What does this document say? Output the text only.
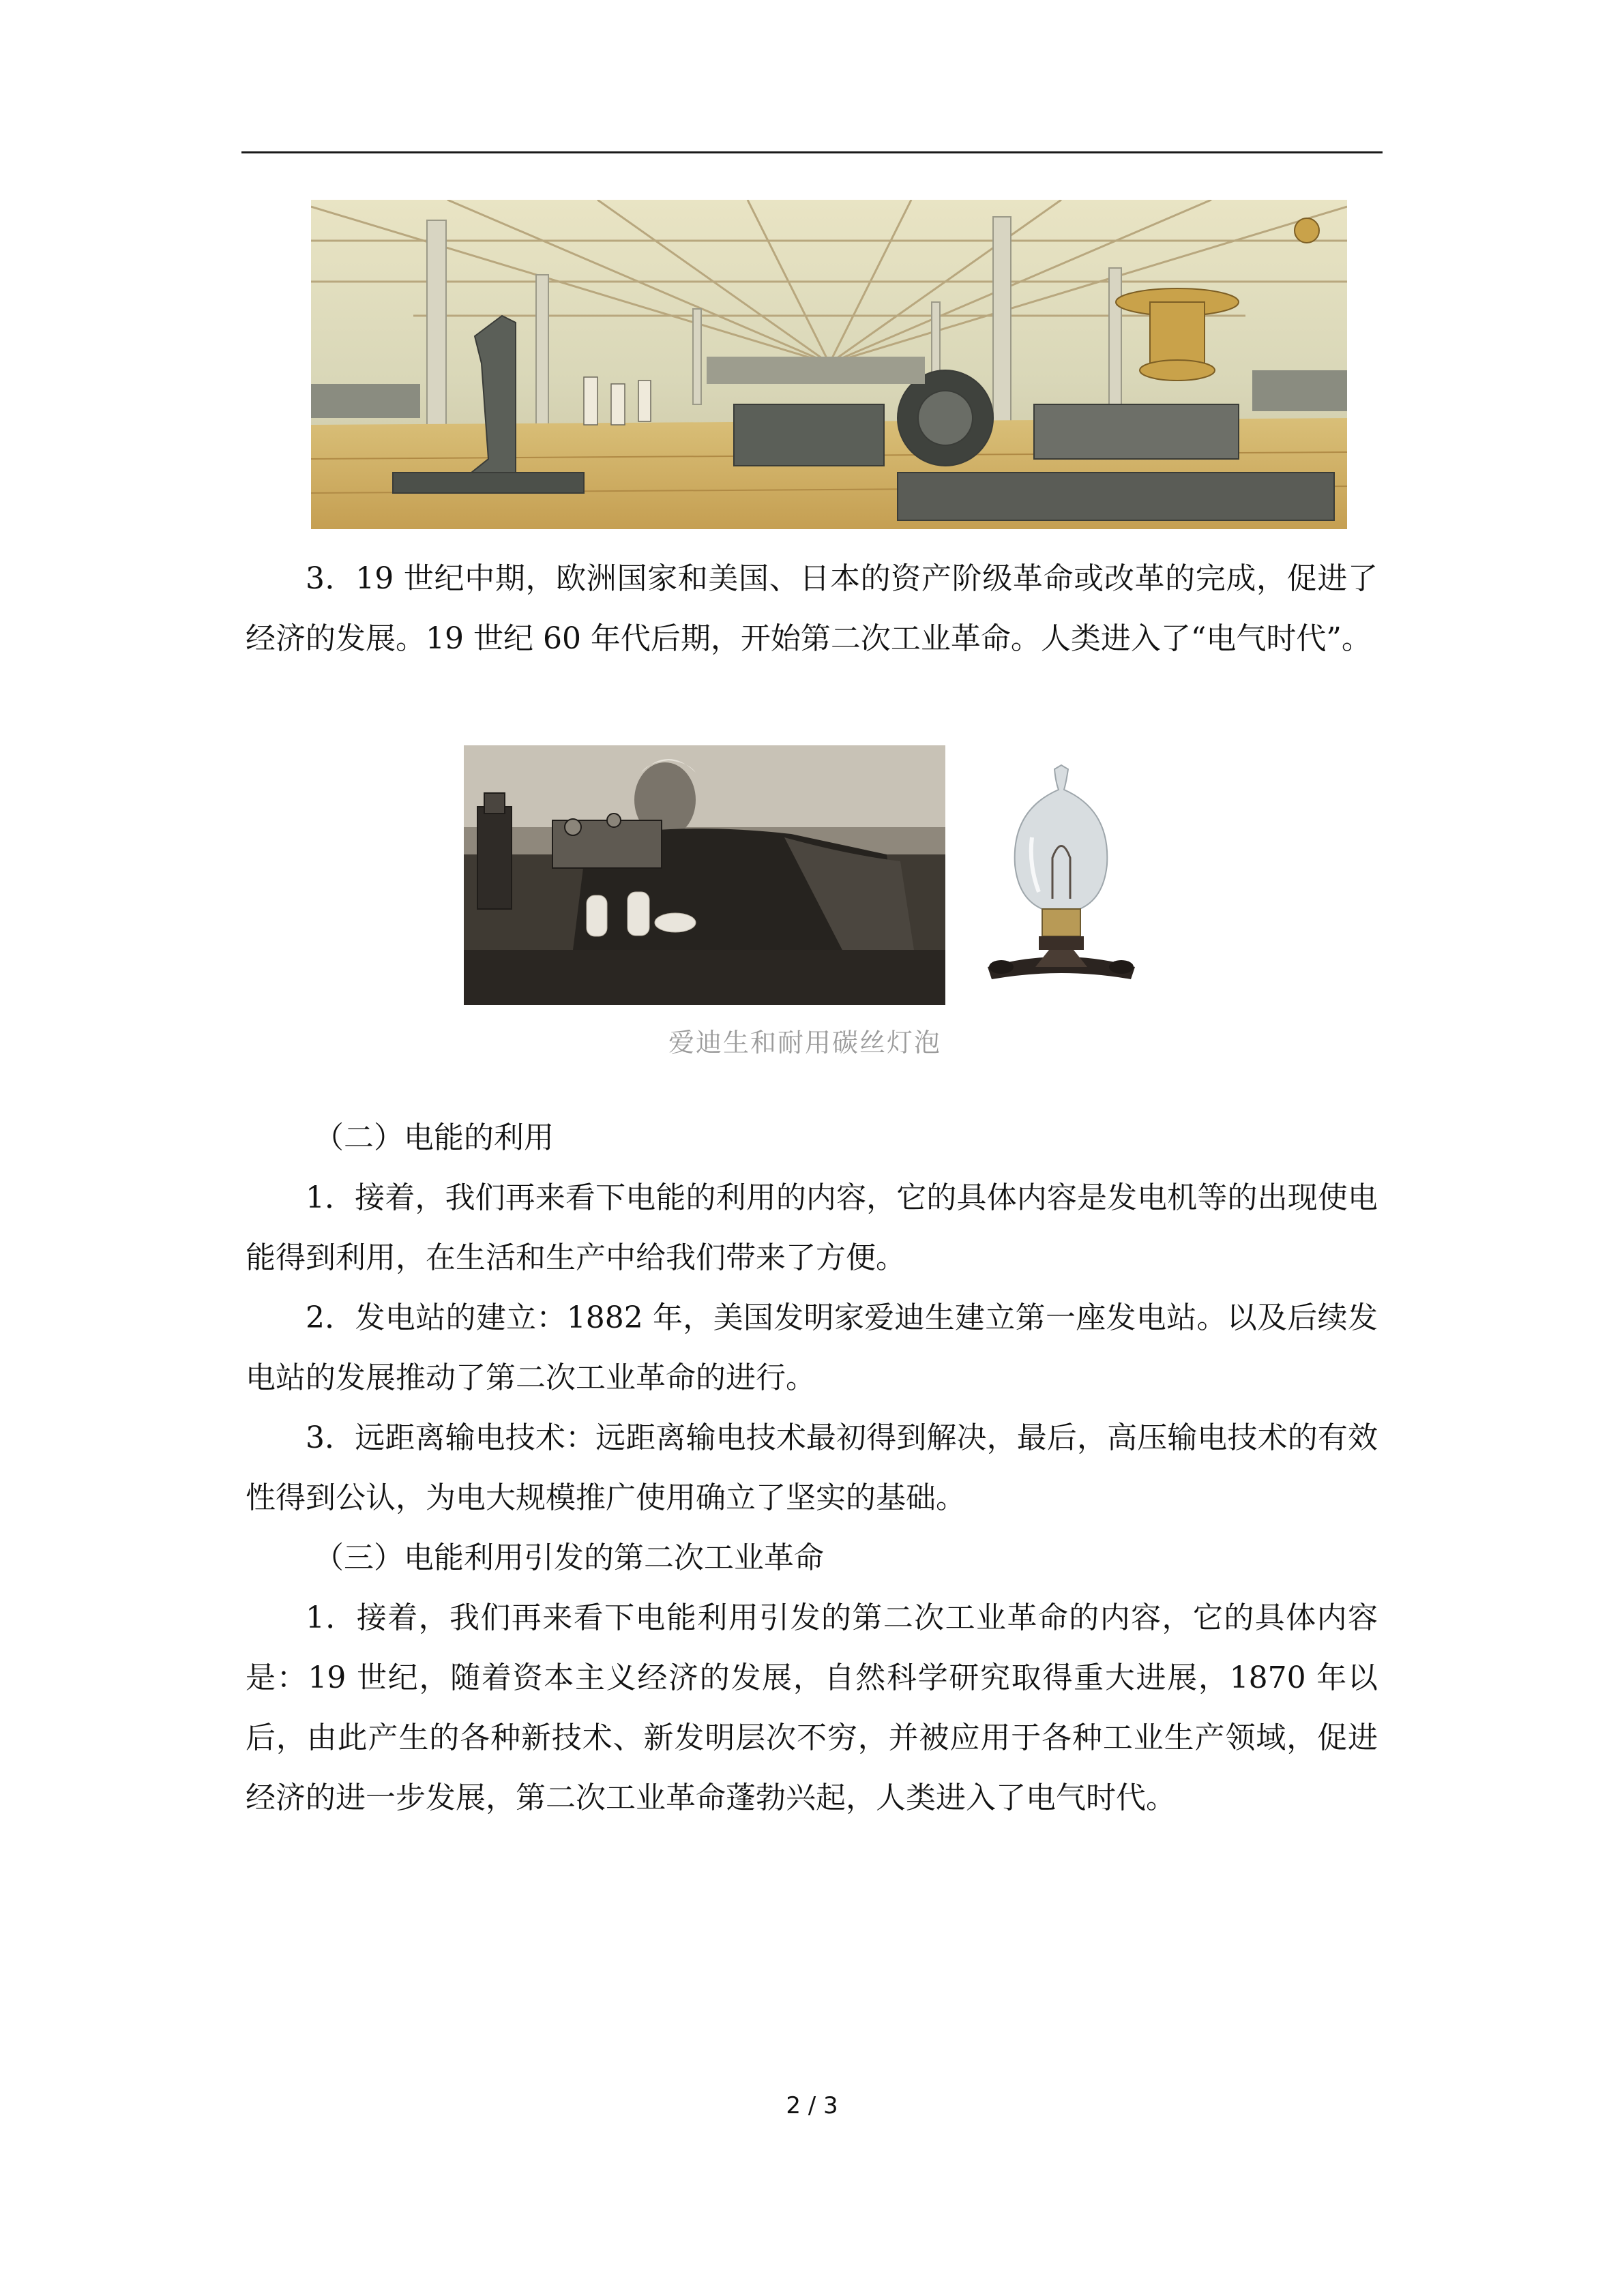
3．19 世纪中期，欧洲国家和美国、日本的资产阶级革命或改革的完成，促进了经济的发展。19 世纪 60 年代后期，开始第二次工业革命。人类进入了“电气时代”。
爱迪生和耐用碳丝灯泡
（二）电能的利用
1．接着，我们再来看下电能的利用的内容，它的具体内容是发电机等的出现使电能得到利用，在生活和生产中给我们带来了方便。
2．发电站的建立：1882 年，美国发明家爱迪生建立第一座发电站。以及后续发电站的发展推动了第二次工业革命的进行。
3．远距离输电技术：远距离输电技术最初得到解决，最后，高压输电技术的有效性得到公认，为电大规模推广使用确立了坚实的基础。
（三）电能利用引发的第二次工业革命
1．接着，我们再来看下电能利用引发的第二次工业革命的内容，它的具体内容是：19 世纪，随着资本主义经济的发展，自然科学研究取得重大进展，1870 年以后，由此产生的各种新技术、新发明层次不穷，并被应用于各种工业生产领域，促进经济的进一步发展，第二次工业革命蓬勃兴起，人类进入了电气时代。
2 / 3
